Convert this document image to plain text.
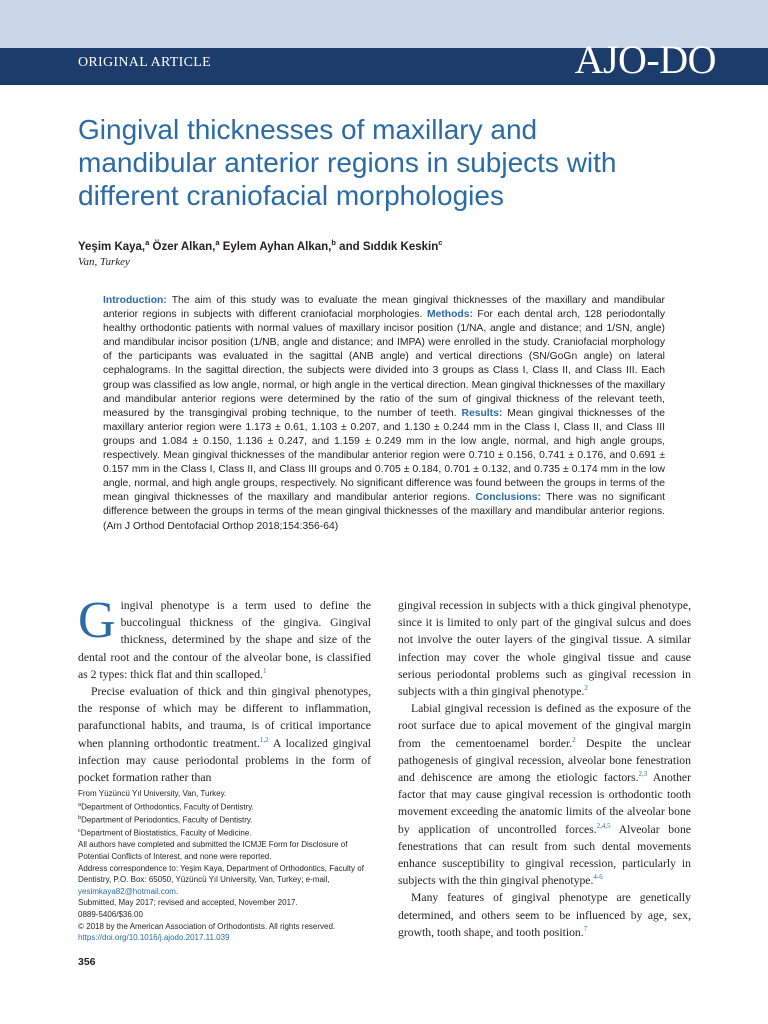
ORIGINAL ARTICLE	AJO-DO
Gingival thicknesses of maxillary and mandibular anterior regions in subjects with different craniofacial morphologies
Yeşim Kaya,$^a$ Özer Alkan,$^a$ Eylem Ayhan Alkan,$^b$ and Sıddık Keskin$^c$
Van, Turkey
Introduction: The aim of this study was to evaluate the mean gingival thicknesses of the maxillary and mandibular anterior regions in subjects with different craniofacial morphologies. Methods: For each dental arch, 128 periodontally healthy orthodontic patients with normal values of maxillary incisor position (1/NA, angle and distance; and 1/SN, angle) and mandibular incisor position (1/NB, angle and distance; and IMPA) were enrolled in the study. Craniofacial morphology of the participants was evaluated in the sagittal (ANB angle) and vertical directions (SN/GoGn angle) on lateral cephalograms. In the sagittal direction, the subjects were divided into 3 groups as Class I, Class II, and Class III. Each group was classified as low angle, normal, or high angle in the vertical direction. Mean gingival thicknesses of the maxillary and mandibular anterior regions were determined by the ratio of the sum of gingival thickness of the relevant teeth, measured by the transgingival probing technique, to the number of teeth. Results: Mean gingival thicknesses of the maxillary anterior region were 1.173 ± 0.61, 1.103 ± 0.207, and 1.130 ± 0.244 mm in the Class I, Class II, and Class III groups and 1.084 ± 0.150, 1.136 ± 0.247, and 1.159 ± 0.249 mm in the low angle, normal, and high angle groups, respectively. Mean gingival thicknesses of the mandibular anterior region were 0.710 ± 0.156, 0.741 ± 0.176, and 0.691 ± 0.157 mm in the Class I, Class II, and Class III groups and 0.705 ± 0.184, 0.701 ± 0.132, and 0.735 ± 0.174 mm in the low angle, normal, and high angle groups, respectively. No significant difference was found between the groups in terms of the mean gingival thicknesses of the maxillary and mandibular anterior regions. Conclusions: There was no significant difference between the groups in terms of the mean gingival thicknesses of the maxillary and mandibular anterior regions. (Am J Orthod Dentofacial Orthop 2018;154:356-64)

Gingival phenotype is a term used to define the buccolingual thickness of the gingiva. Gingival thickness, determined by the shape and size of the dental root and the contour of the alveolar bone, is classified as 2 types: thick flat and thin scalloped.$^1$

Precise evaluation of thick and thin gingival phenotypes, the response of which may be different to inflammation, parafunctional habits, and trauma, is of critical importance when planning orthodontic treatment.$^{1,2}$ A localized gingival infection may cause periodontal problems in the form of pocket formation rather than

From Yüzüncü Yıl University, Van, Turkey.
$^a$Department of Orthodontics, Faculty of Dentistry.
$^b$Department of Periodontics, Faculty of Dentistry.
$^c$Department of Biostatistics, Faculty of Medicine.
All authors have completed and submitted the ICMJE Form for Disclosure of Potential Conflicts of Interest, and none were reported.
Address correspondence to: Yeşim Kaya, Department of Orthodontics, Faculty of Dentistry, P.O. Box: 65050, Yüzüncü Yıl University, Van, Turkey; e-mail, yesimkaya82@hotmail.com.
Submitted, May 2017; revised and accepted, November 2017.
0889-5406/$36.00
© 2018 by the American Association of Orthodontists. All rights reserved.
https://doi.org/10.1016/j.ajodo.2017.11.039

gingival recession in subjects with a thick gingival phenotype, since it is limited to only part of the gingival sulcus and does not involve the outer layers of the gingival tissue. A similar infection may cover the whole gingival tissue and cause serious periodontal problems such as gingival recession in subjects with a thin gingival phenotype.$^2$

Labial gingival recession is defined as the exposure of the root surface due to apical movement of the gingival margin from the cementoenamel border.$^2$ Despite the unclear pathogenesis of gingival recession, alveolar bone fenestration and dehiscence are among the etiologic factors.$^{2,3}$ Another factor that may cause gingival recession is orthodontic tooth movement exceeding the anatomic limits of the alveolar bone by application of uncontrolled forces.$^{2,4,5}$ Alveolar bone fenestrations that can result from such dental movements enhance susceptibility to gingival recession, particularly in subjects with the thin gingival phenotype.$^{4-6}$

Many features of gingival phenotype are genetically determined, and others seem to be influenced by age, sex, growth, tooth shape, and tooth position.$^7$

356
